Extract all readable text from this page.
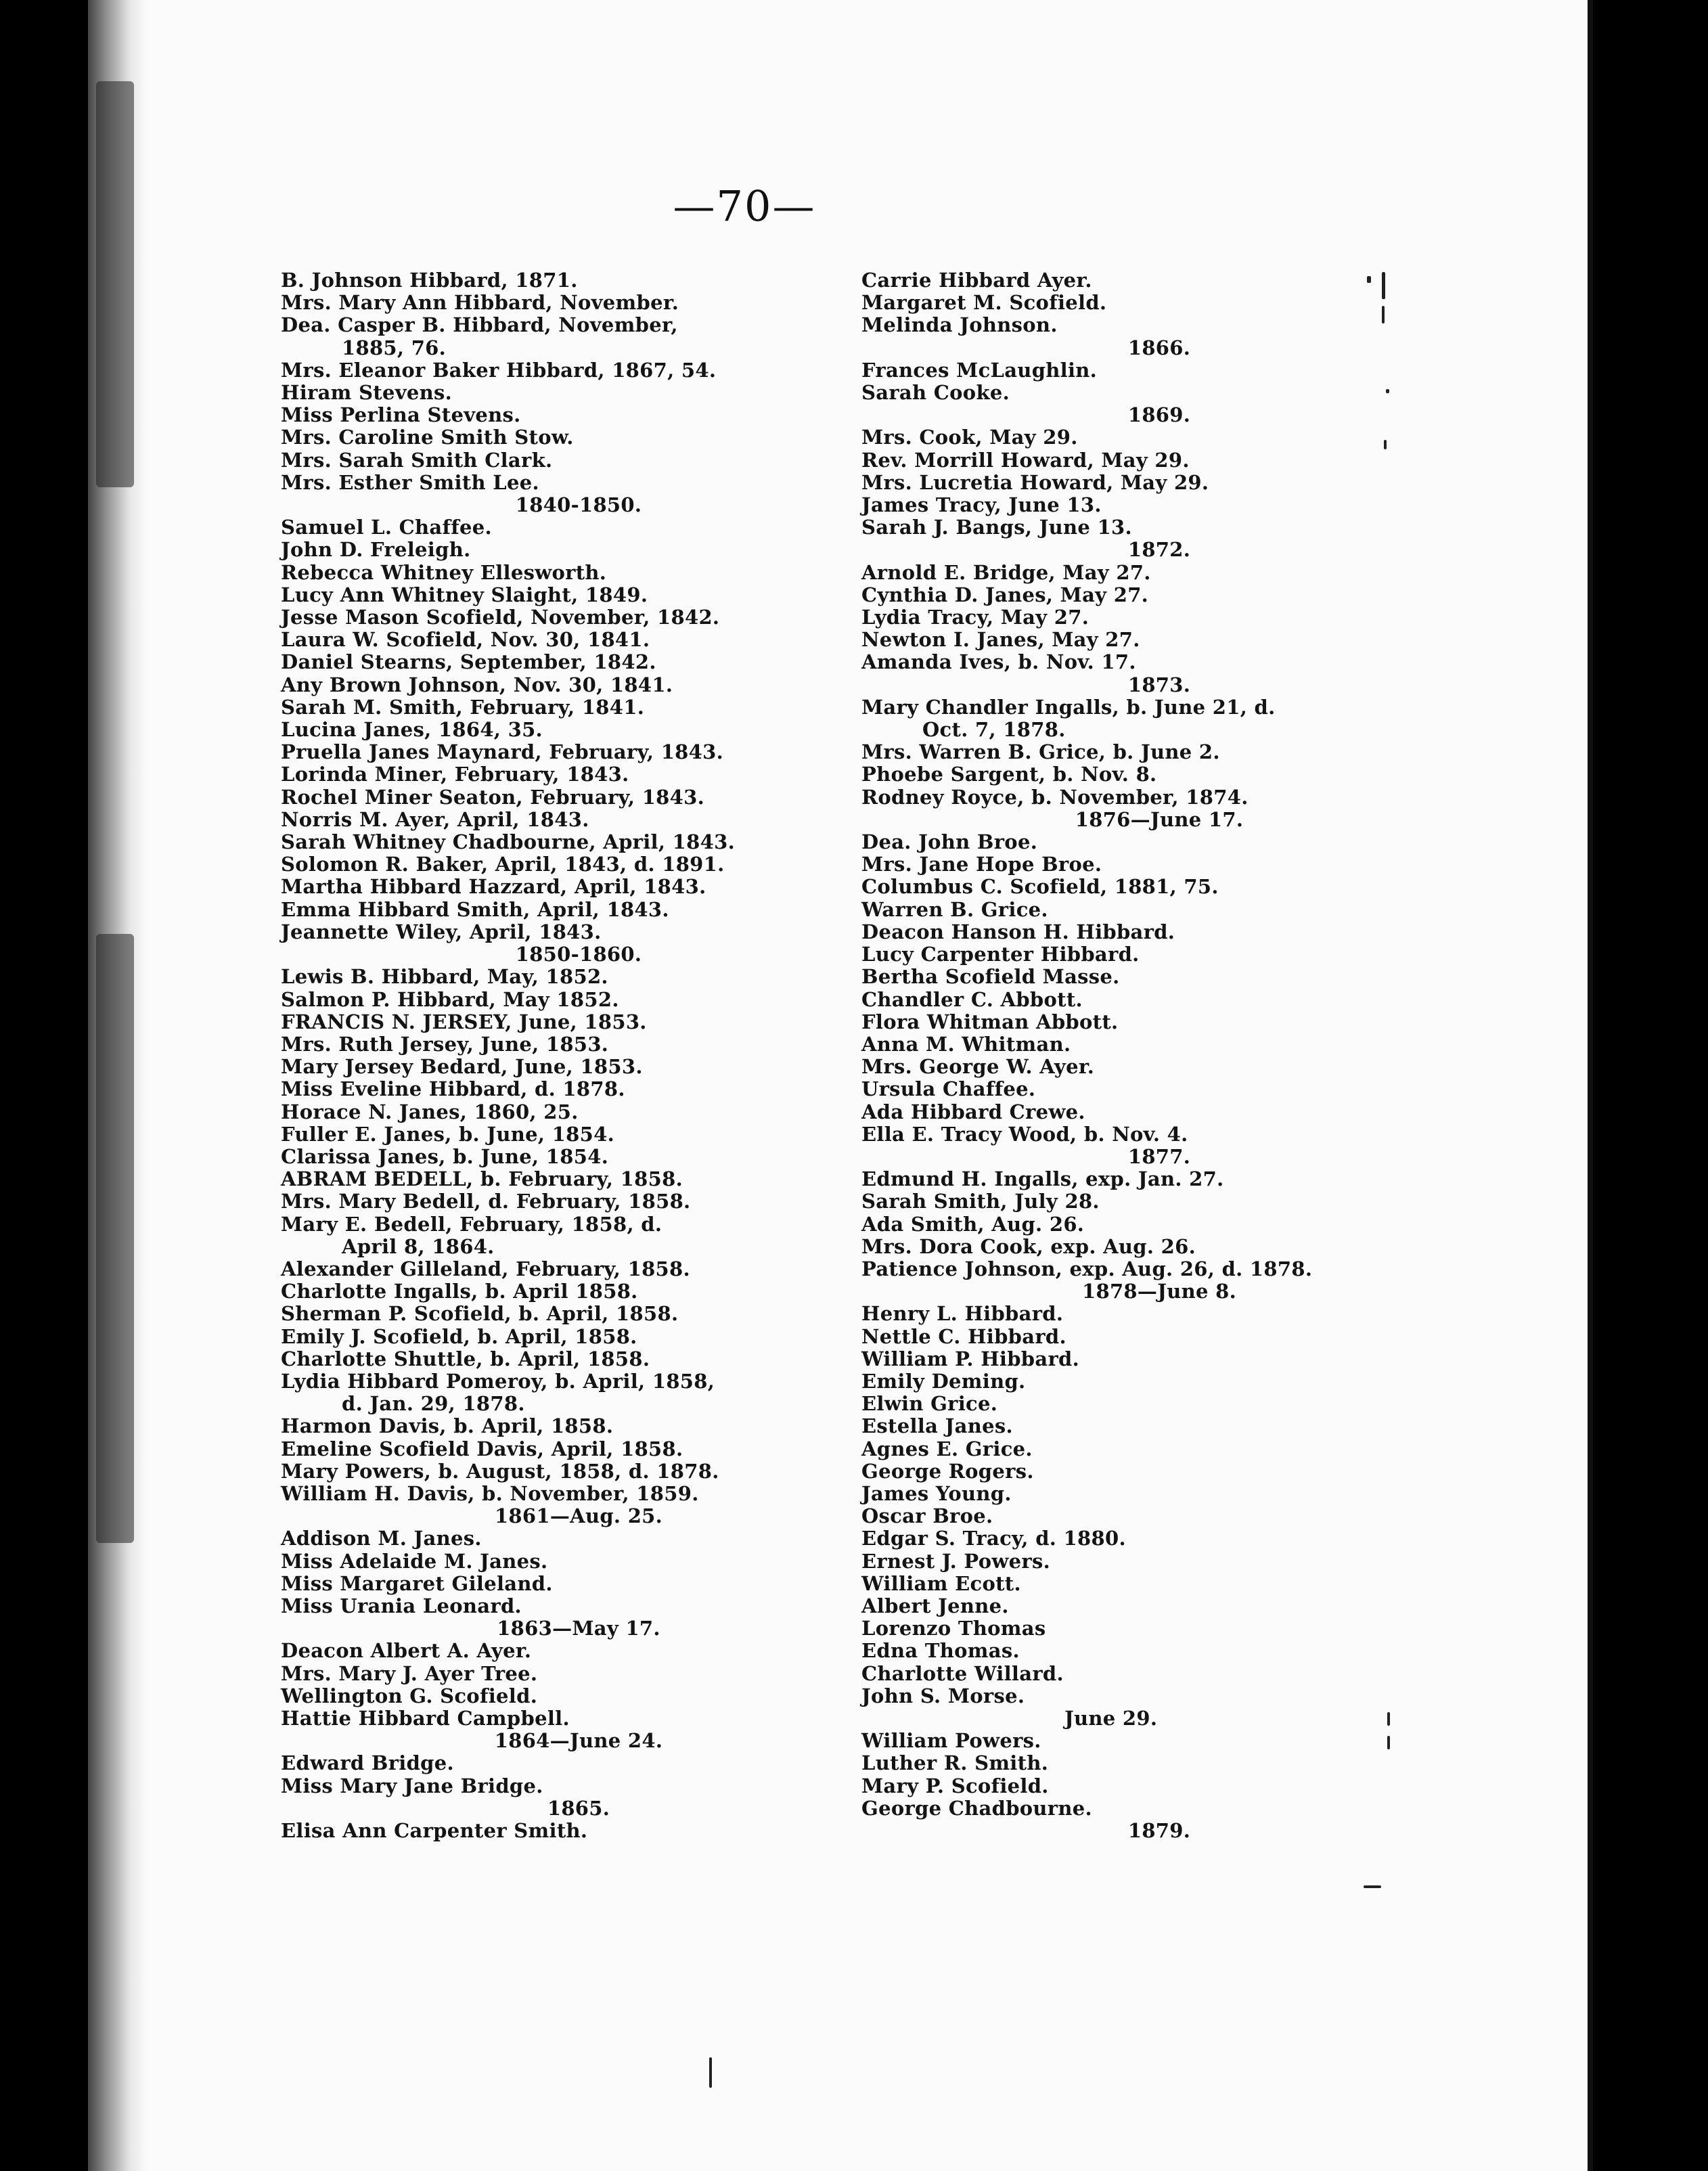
—70—
B. Johnson Hibbard, 1871.
Mrs. Mary Ann Hibbard, November.
Dea. Casper B. Hibbard, November,
1885, 76.
Mrs. Eleanor Baker Hibbard, 1867, 54.
Hiram Stevens.
Miss Perlina Stevens.
Mrs. Caroline Smith Stow.
Mrs. Sarah Smith Clark.
Mrs. Esther Smith Lee.
1840-1850.
Samuel L. Chaffee.
John D. Freleigh.
Rebecca Whitney Ellesworth.
Lucy Ann Whitney Slaight, 1849.
Jesse Mason Scofield, November, 1842.
Laura W. Scofield, Nov. 30, 1841.
Daniel Stearns, September, 1842.
Any Brown Johnson, Nov. 30, 1841.
Sarah M. Smith, February, 1841.
Lucina Janes, 1864, 35.
Pruella Janes Maynard, February, 1843.
Lorinda Miner, February, 1843.
Rochel Miner Seaton, February, 1843.
Norris M. Ayer, April, 1843.
Sarah Whitney Chadbourne, April, 1843.
Solomon R. Baker, April, 1843, d. 1891.
Martha Hibbard Hazzard, April, 1843.
Emma Hibbard Smith, April, 1843.
Jeannette Wiley, April, 1843.
1850-1860.
Lewis B. Hibbard, May, 1852.
Salmon P. Hibbard, May 1852.
FRANCIS N. JERSEY, June, 1853.
Mrs. Ruth Jersey, June, 1853.
Mary Jersey Bedard, June, 1853.
Miss Eveline Hibbard, d. 1878.
Horace N. Janes, 1860, 25.
Fuller E. Janes, b. June, 1854.
Clarissa Janes, b. June, 1854.
ABRAM BEDELL, b. February, 1858.
Mrs. Mary Bedell, d. February, 1858.
Mary E. Bedell, February, 1858, d.
April 8, 1864.
Alexander Gilleland, February, 1858.
Charlotte Ingalls, b. April 1858.
Sherman P. Scofield, b. April, 1858.
Emily J. Scofield, b. April, 1858.
Charlotte Shuttle, b. April, 1858.
Lydia Hibbard Pomeroy, b. April, 1858,
d. Jan. 29, 1878.
Harmon Davis, b. April, 1858.
Emeline Scofield Davis, April, 1858.
Mary Powers, b. August, 1858, d. 1878.
William H. Davis, b. November, 1859.
1861—Aug. 25.
Addison M. Janes.
Miss Adelaide M. Janes.
Miss Margaret Gileland.
Miss Urania Leonard.
1863—May 17.
Deacon Albert A. Ayer.
Mrs. Mary J. Ayer Tree.
Wellington G. Scofield.
Hattie Hibbard Campbell.
1864—June 24.
Edward Bridge.
Miss Mary Jane Bridge.
1865.
Elisa Ann Carpenter Smith.
Carrie Hibbard Ayer.
Margaret M. Scofield.
Melinda Johnson.
1866.
Frances McLaughlin.
Sarah Cooke.
1869.
Mrs. Cook, May 29.
Rev. Morrill Howard, May 29.
Mrs. Lucretia Howard, May 29.
James Tracy, June 13.
Sarah J. Bangs, June 13.
1872.
Arnold E. Bridge, May 27.
Cynthia D. Janes, May 27.
Lydia Tracy, May 27.
Newton I. Janes, May 27.
Amanda Ives, b. Nov. 17.
1873.
Mary Chandler Ingalls, b. June 21, d.
Oct. 7, 1878.
Mrs. Warren B. Grice, b. June 2.
Phoebe Sargent, b. Nov. 8.
Rodney Royce, b. November, 1874.
1876—June 17.
Dea. John Broe.
Mrs. Jane Hope Broe.
Columbus C. Scofield, 1881, 75.
Warren B. Grice.
Deacon Hanson H. Hibbard.
Lucy Carpenter Hibbard.
Bertha Scofield Masse.
Chandler C. Abbott.
Flora Whitman Abbott.
Anna M. Whitman.
Mrs. George W. Ayer.
Ursula Chaffee.
Ada Hibbard Crewe.
Ella E. Tracy Wood, b. Nov. 4.
1877.
Edmund H. Ingalls, exp. Jan. 27.
Sarah Smith, July 28.
Ada Smith, Aug. 26.
Mrs. Dora Cook, exp. Aug. 26.
Patience Johnson, exp. Aug. 26, d. 1878.
1878—June 8.
Henry L. Hibbard.
Nettle C. Hibbard.
William P. Hibbard.
Emily Deming.
Elwin Grice.
Estella Janes.
Agnes E. Grice.
George Rogers.
James Young.
Oscar Broe.
Edgar S. Tracy, d. 1880.
Ernest J. Powers.
William Ecott.
Albert Jenne.
Lorenzo Thomas
Edna Thomas.
Charlotte Willard.
John S. Morse.
June 29.
William Powers.
Luther R. Smith.
Mary P. Scofield.
George Chadbourne.
1879.
